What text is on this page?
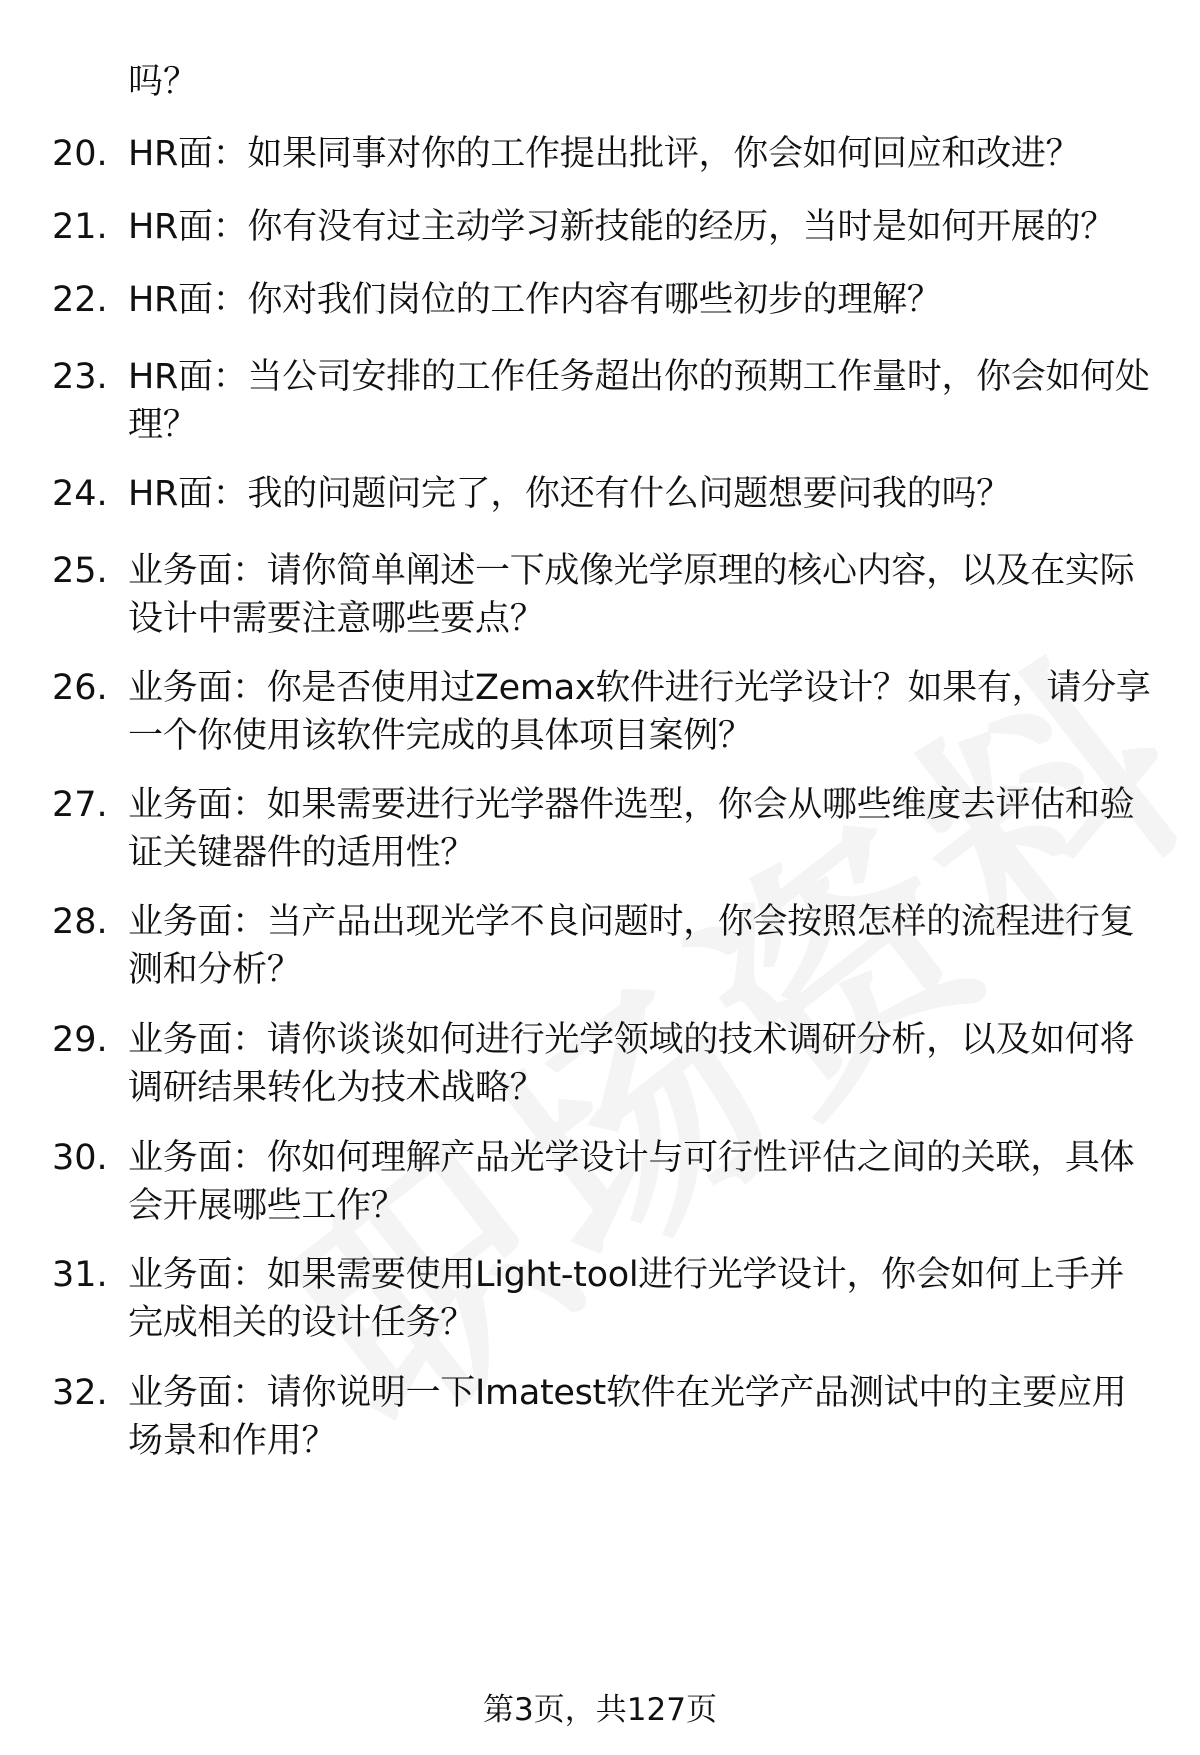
吗？
20. HR面：如果同事对你的工作提出批评，你会如何回应和改进？
21. HR面：你有没有过主动学习新技能的经历，当时是如何开展的？
22. HR面：你对我们岗位的工作内容有哪些初步的理解？
23. HR面：当公司安排的工作任务超出你的预期工作量时，你会如何处理？
24. HR面：我的问题问完了，你还有什么问题想要问我的吗？
25. 业务面：请你简单阐述一下成像光学原理的核心内容，以及在实际设计中需要注意哪些要点？
26. 业务面：你是否使用过Zemax软件进行光学设计？如果有，请分享一个你使用该软件完成的具体项目案例？
27. 业务面：如果需要进行光学器件选型，你会从哪些维度去评估和验证关键器件的适用性？
28. 业务面：当产品出现光学不良问题时，你会按照怎样的流程进行复测和分析？
29. 业务面：请你谈谈如何进行光学领域的技术调研分析，以及如何将调研结果转化为技术战略？
30. 业务面：你如何理解产品光学设计与可行性评估之间的关联，具体会开展哪些工作？
31. 业务面：如果需要使用Light-tool进行光学设计，你会如何上手并完成相关的设计任务？
32. 业务面：请你说明一下Imatest软件在光学产品测试中的主要应用场景和作用？
第3页，共127页
